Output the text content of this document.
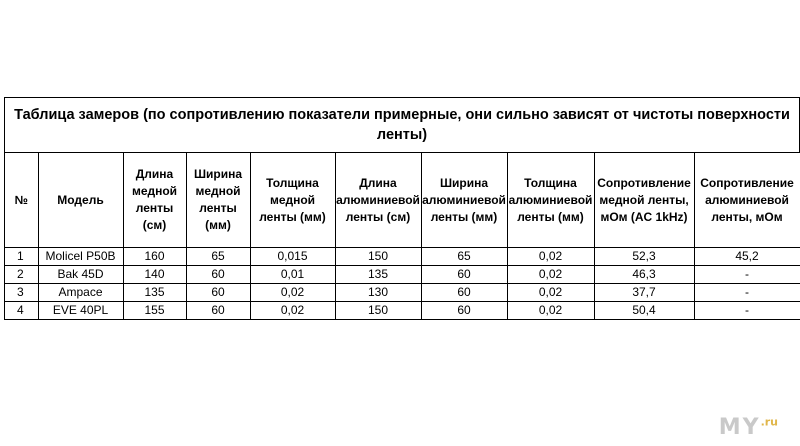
Таблица замеров (по сопротивлению показатели примерные, они сильно зависят от чистоты поверхности ленты)
№	Модель	Длина медной ленты (см)	Ширина медной ленты (мм)	Толщина медной ленты (мм)	Длина алюминиевой ленты (см)	Ширина алюминиевой ленты (мм)	Толщина алюминиевой ленты (мм)	Сопротивление медной ленты, мОм (AC 1kHz)	Сопротивление алюминиевой ленты, мОм
1	Molicel P50B	160	65	0,015	150	65	0,02	52,3	45,2
2	Bak 45D	140	60	0,01	135	60	0,02	46,3	-
3	Ampace	135	60	0,02	130	60	0,02	37,7	-
4	EVE 40PL	155	60	0,02	150	60	0,02	50,4	-
$MY^{.ru}$
